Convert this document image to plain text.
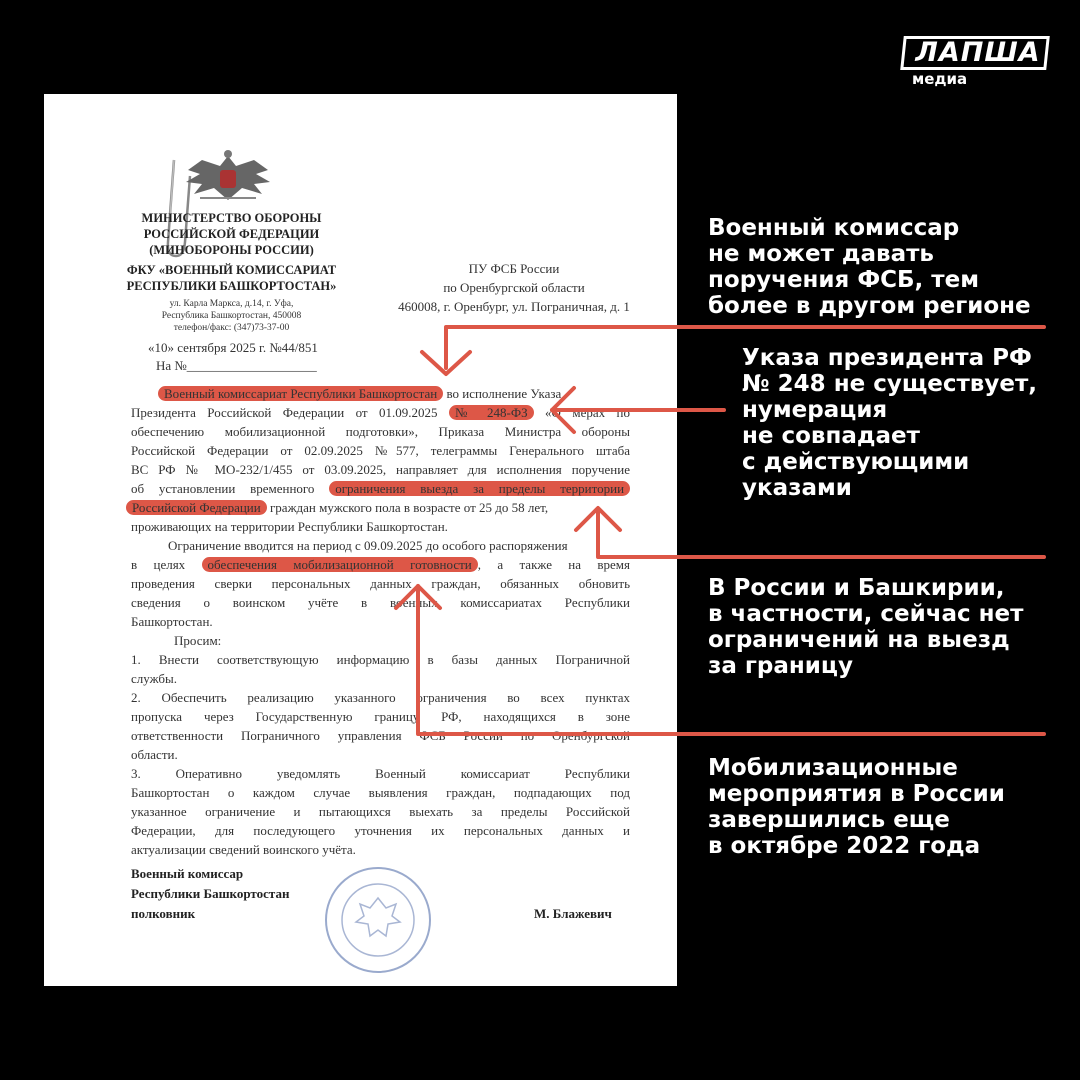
ЛАПША
медиа
МИНИСТЕРСТВО ОБОРОНЫ
РОССИЙСКОЙ ФЕДЕРАЦИИ
(МИНОБОРОНЫ РОССИИ)
ФКУ «ВОЕННЫЙ КОМИССАРИАТ
РЕСПУБЛИКИ БАШКОРТОСТАН»
ул. Карла Маркса, д.14, г. Уфа,
Республика Башкортостан, 450008
телефон/факс: (347)73-37-00
ПУ ФСБ России
по Оренбургской области
460008, г. Оренбург, ул. Пограничная, д. 1
«10» сентября 2025 г. №44/851
На №____________________
Военный комиссариат Республики Башкортостан во исполнение Указа
Президента Российской Федерации от 01.09.2025 № 248-ФЗ «О мерах по
обеспечению мобилизационной подготовки», Приказа Министра обороны
Российской Федерации от 02.09.2025 №577, телеграммы Генерального штаба
ВС РФ № МО-232/1/455 от 03.09.2025, направляет для исполнения поручение
об установлении временного ограничения выезда за пределы территории
Российской Федерации граждан мужского пола в возрасте от 25 до 58 лет,
проживающих на территории Республики Башкортостан.
Ограничение вводится на период с 09.09.2025 до особого распоряжения
в целях обеспечения мобилизационной готовности , а также на время
проведения сверки персональных данных граждан, обязанных обновить
сведения о воинском учёте в военных комиссариатах Республики
Башкортостан.
Просим:
1. Внести соответствующую информацию в базы данных Пограничной
службы.
2. Обеспечить реализацию указанного ограничения во всех пунктах
пропуска через Государственную границу РФ, находящихся в зоне
ответственности Пограничного управления ФСБ России по Оренбургской
области.
3. Оперативно уведомлять Военный комиссариат Республики
Башкортостан о каждом случае выявления граждан, подпадающих под
указанное ограничение и пытающихся выехать за пределы Российской
Федерации, для последующего уточнения их персональных данных и
актуализации сведений воинского учёта.
Военный комиссар
Республики Башкортостан
полковник	М. Блажевич
Военный комиссар
не может давать
поручения ФСБ, тем
более в другом регионе
Указа президента РФ
№ 248 не существует,
нумерация
не совпадает
с действующими
указами
В России и Башкирии,
в частности, сейчас нет
ограничений на выезд
за границу
Мобилизационные
мероприятия в России
завершились еще
в октябре 2022 года
